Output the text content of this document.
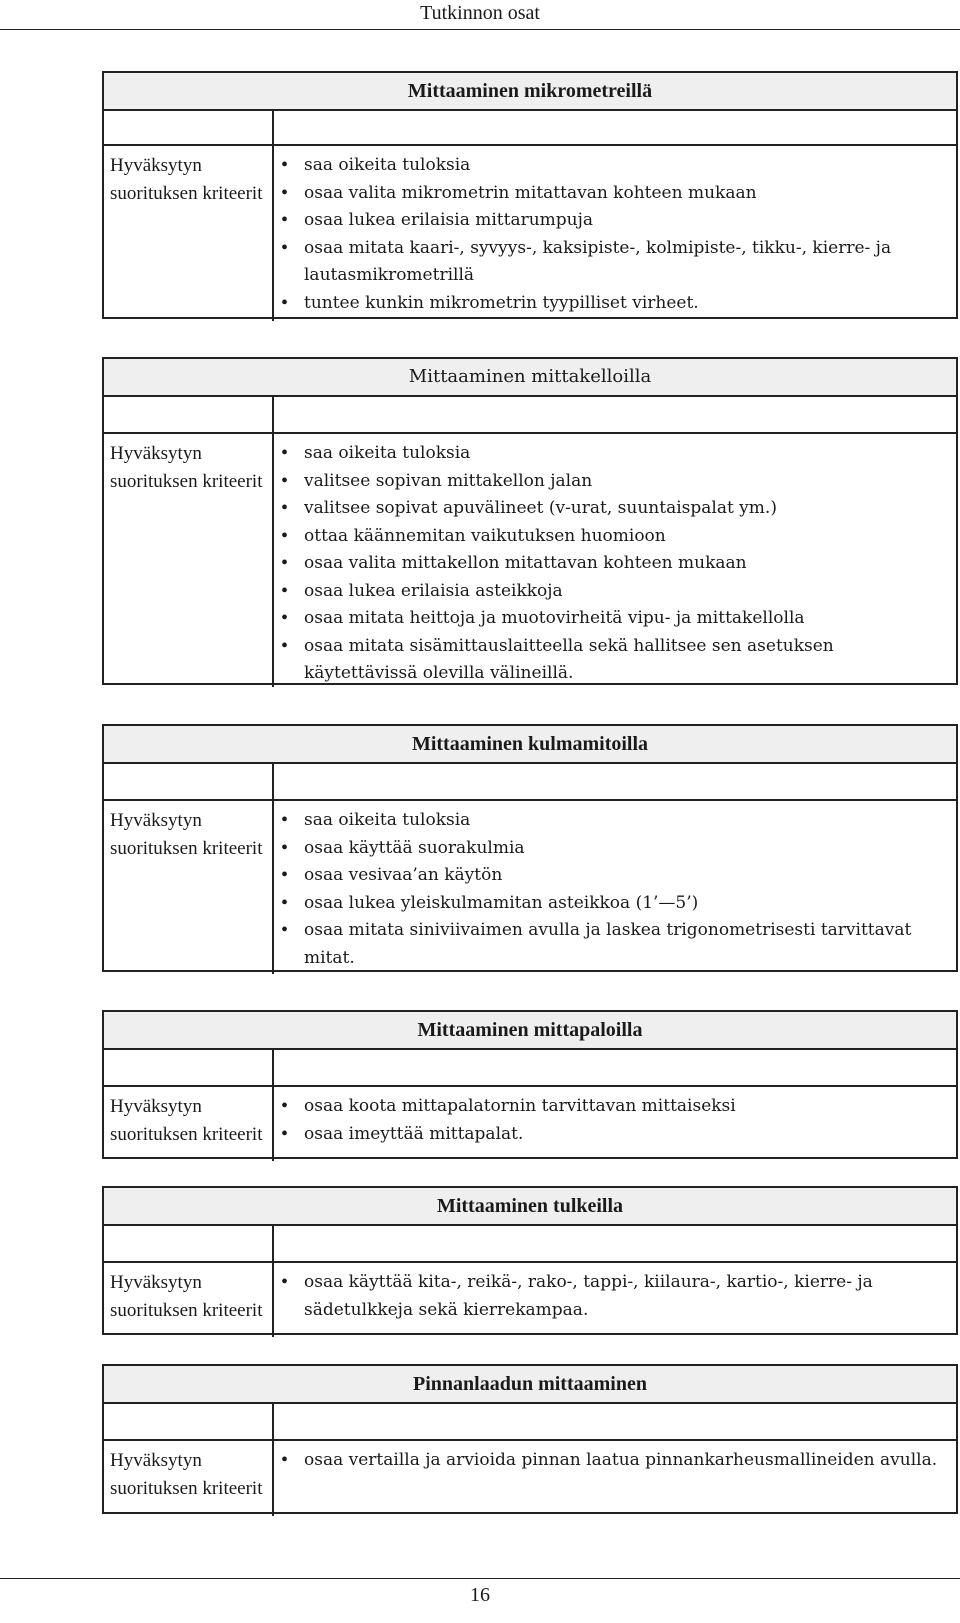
Tutkinnon osat
Mittaaminen mikrometreillä
Hyväksytyn suorituksen kriteerit
• saa oikeita tuloksia
• osaa valita mikrometrin mitattavan kohteen mukaan
• osaa lukea erilaisia mittarumpuja
• osaa mitata kaari-, syvyys-, kaksipiste-, kolmipiste-, tikku-, kierre- ja lautasmikrometrillä
• tuntee kunkin mikrometrin tyypilliset virheet.
Mittaaminen mittakelloilla
Hyväksytyn suorituksen kriteerit
• saa oikeita tuloksia
• valitsee sopivan mittakellon jalan
• valitsee sopivat apuvälineet (v-urat, suuntaispalat ym.)
• ottaa käännemitan vaikutuksen huomioon
• osaa valita mittakellon mitattavan kohteen mukaan
• osaa lukea erilaisia asteikkoja
• osaa mitata heittoja ja muotovirheitä vipu- ja mittakellolla
• osaa mitata sisämittauslaitteella sekä hallitsee sen asetuksen käytettävissä olevilla välineillä.
Mittaaminen kulmamitoilla
Hyväksytyn suorituksen kriteerit
• saa oikeita tuloksia
• osaa käyttää suorakulmia
• osaa vesivaa’an käytön
• osaa lukea yleiskulmamitan asteikkoa (1’—5’)
• osaa mitata siniviivaimen avulla ja laskea trigonometrisesti tarvittavat mitat.
Mittaaminen mittapaloilla
Hyväksytyn suorituksen kriteerit
• osaa koota mittapalatornin tarvittavan mittaiseksi
• osaa imeyttää mittapalat.
Mittaaminen tulkeilla
Hyväksytyn suorituksen kriteerit
• osaa käyttää kita-, reikä-, rako-, tappi-, kiilaura-, kartio-, kierre- ja sädetulkkeja sekä kierrekampaa.
Pinnanlaadun mittaaminen
Hyväksytyn suorituksen kriteerit
• osaa vertailla ja arvioida pinnan laatua pinnankarheusmallineiden avulla.
16
